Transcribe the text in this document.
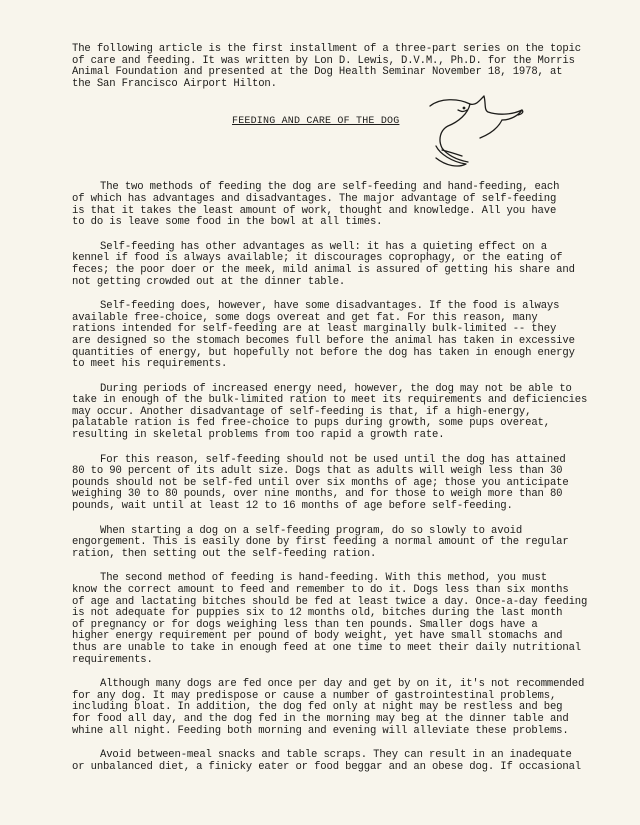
The following article is the first installment of a three-part series on the topic
of care and feeding. It was written by Lon D. Lewis, D.V.M., Ph.D. for the Morris
Animal Foundation and presented at the Dog Health Seminar November 18, 1978, at
the San Francisco Airport Hilton.
FEEDING AND CARE OF THE DOG
The two methods of feeding the dog are self-feeding and hand-feeding, each
of which has advantages and disadvantages. The major advantage of self-feeding
is that it takes the least amount of work, thought and knowledge. All you have
to do is leave some food in the bowl at all times.
Self-feeding has other advantages as well: it has a quieting effect on a
kennel if food is always available; it discourages coprophagy, or the eating of
feces; the poor doer or the meek, mild animal is assured of getting his share and
not getting crowded out at the dinner table.
Self-feeding does, however, have some disadvantages. If the food is always
available free-choice, some dogs overeat and get fat. For this reason, many
rations intended for self-feeding are at least marginally bulk-limited -- they
are designed so the stomach becomes full before the animal has taken in excessive
quantities of energy, but hopefully not before the dog has taken in enough energy
to meet his requirements.
During periods of increased energy need, however, the dog may not be able to
take in enough of the bulk-limited ration to meet its requirements and deficiencies
may occur. Another disadvantage of self-feeding is that, if a high-energy,
palatable ration is fed free-choice to pups during growth, some pups overeat,
resulting in skeletal problems from too rapid a growth rate.
For this reason, self-feeding should not be used until the dog has attained
80 to 90 percent of its adult size. Dogs that as adults will weigh less than 30
pounds should not be self-fed until over six months of age; those you anticipate
weighing 30 to 80 pounds, over nine months, and for those to weigh more than 80
pounds, wait until at least 12 to 16 months of age before self-feeding.
When starting a dog on a self-feeding program, do so slowly to avoid
engorgement. This is easily done by first feeding a normal amount of the regular
ration, then setting out the self-feeding ration.
The second method of feeding is hand-feeding. With this method, you must
know the correct amount to feed and remember to do it. Dogs less than six months
of age and lactating bitches should be fed at least twice a day. Once-a-day feeding
is not adequate for puppies six to 12 months old, bitches during the last month
of pregnancy or for dogs weighing less than ten pounds. Smaller dogs have a
higher energy requirement per pound of body weight, yet have small stomachs and
thus are unable to take in enough feed at one time to meet their daily nutritional
requirements.
Although many dogs are fed once per day and get by on it, it's not recommended
for any dog. It may predispose or cause a number of gastrointestinal problems,
including bloat. In addition, the dog fed only at night may be restless and beg
for food all day, and the dog fed in the morning may beg at the dinner table and
whine all night. Feeding both morning and evening will alleviate these problems.
Avoid between-meal snacks and table scraps. They can result in an inadequate
or unbalanced diet, a finicky eater or food beggar and an obese dog. If occasional
